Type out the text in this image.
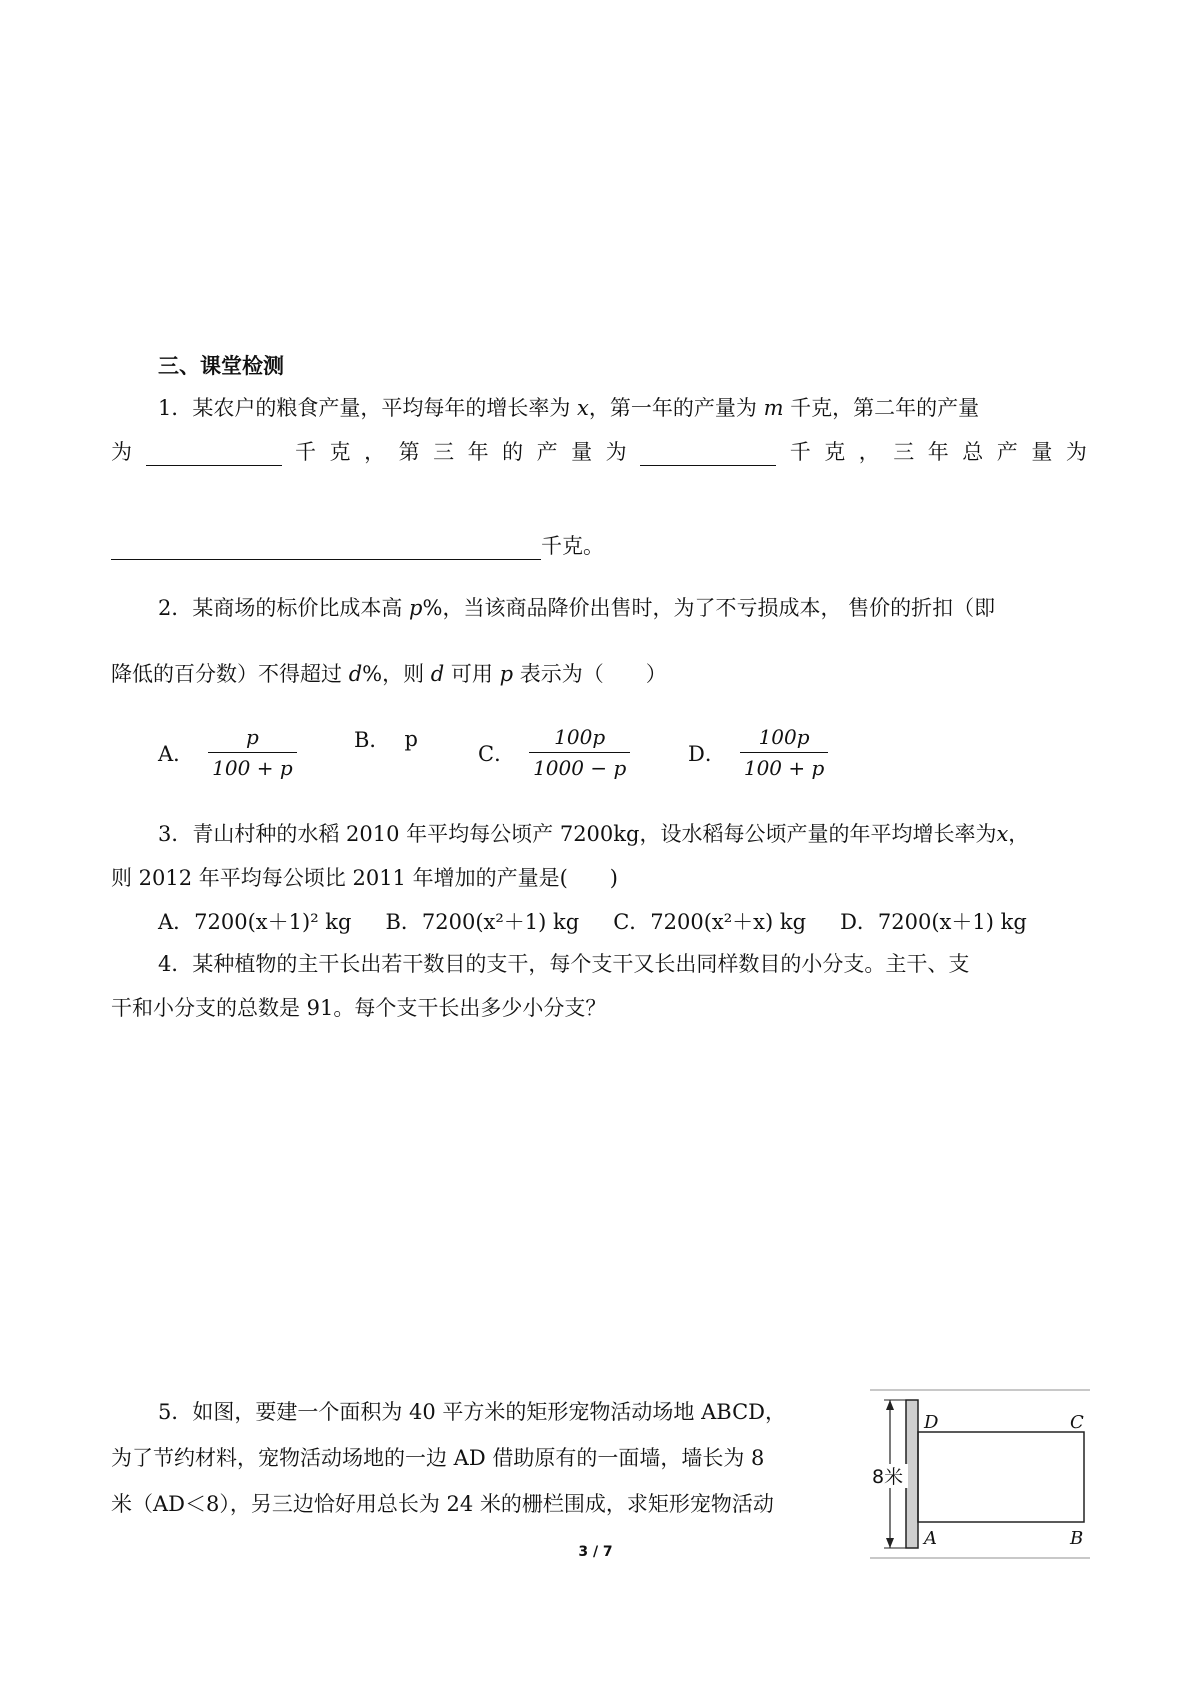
三、课堂检测
1．某农户的粮食产量，平均每年的增长率为 x，第一年的产量为 m 千克，第二年的产量
为	千 克 ， 第 三 年 的 产 量 为	千 克 ， 三 年 总 产 量 为
千克。
2．某商场的标价比成本高 p%，当该商品降价出售时，为了不亏损成本， 售价的折扣（即
降低的百分数）不得超过 d%，则 d 可用 p 表示为（　　）
A． $\frac{p}{100 + p}$	B． p
C． $\frac{100p}{1000 - p}$	D． $\frac{100p}{100 + p}$
3．青山村种的水稻 2010 年平均每公顷产 7200kg，设水稻每公顷产量的年平均增长率为x，
则 2012 年平均每公顷比 2011 年增加的产量是(　　)
A．7200(x＋1)² kg B．7200(x²＋1) kg C．7200(x²＋x) kg D．7200(x＋1) kg
4．某种植物的主干长出若干数目的支干，每个支干又长出同样数目的小分支。主干、支
干和小分支的总数是 91。每个支干长出多少小分支？
5．如图，要建一个面积为 40 平方米的矩形宠物活动场地 ABCD，
为了节约材料，宠物活动场地的一边 AD 借助原有的一面墙，墙长为 8
米（AD＜8），另三边恰好用总长为 24 米的栅栏围成，求矩形宠物活动
8米
D	C
A	B
3 / 7
